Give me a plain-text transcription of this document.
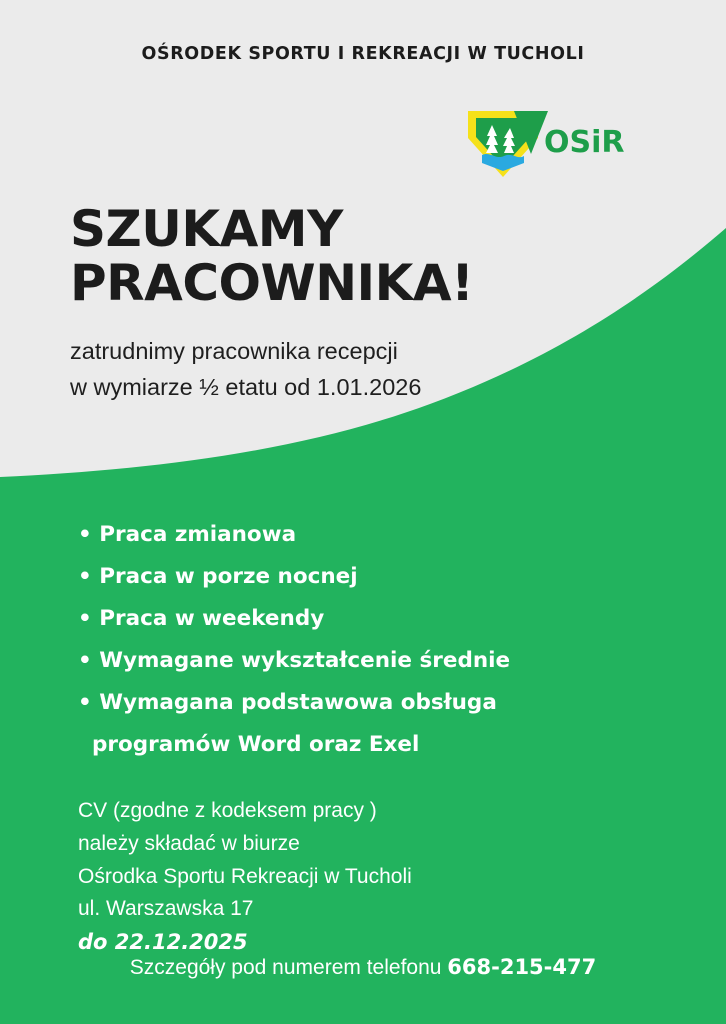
OŚRODEK SPORTU I REKREACJI W TUCHOLI
OSiR
SZUKAMY
PRACOWNIKA!
zatrudnimy pracownika recepcji
w wymiarze ½ etatu od 1.01.2026
• Praca zmianowa
• Praca w porze nocnej
• Praca w weekendy
• Wymagane wykształcenie średnie
• Wymagana podstawowa obsługa
programów Word oraz Exel
CV (zgodne z kodeksem pracy )
należy składać w biurze
Ośrodka Sportu Rekreacji w Tucholi
ul. Warszawska 17
do 22.12.2025
Szczegóły pod numerem telefonu 668-215-477
